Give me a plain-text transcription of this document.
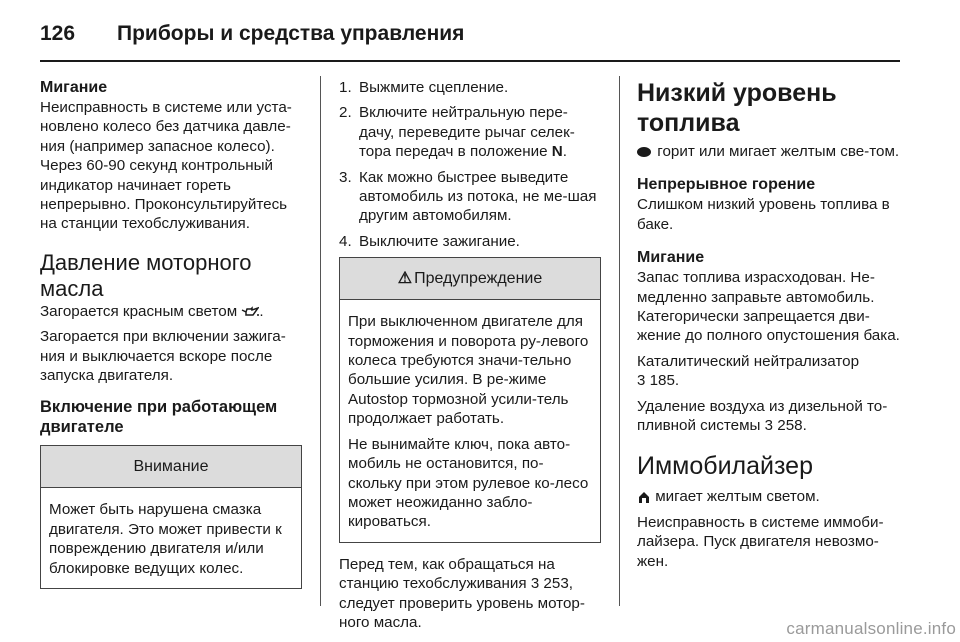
126	Приборы и средства управления
Мигание

Неисправность в системе или уста-новлено колесо без датчика давле-ния (например запасное колесо). Через 60-90 секунд контрольный индикатор начинает гореть непрерывно. Проконсультируйтесь на станции техобслуживания.

Давление моторного
масла

Загорается красным светом .

Загорается при включении зажига-ния и выключается вскоре после запуска двигателя.

Включение при работающем двигателе
Внимание

Может быть нарушена смазка двигателя. Это может привести к повреждению двигателя и/или блокировке ведущих колес.

1. Выжмите сцепление.
2. Включите нейтральную пере-дачу, переведите рычаг селек-тора передач в положение N.
3. Как можно быстрее выведите автомобиль из потока, не ме-шая другим автомобилям.
4. Выключите зажигание.
⚠ Предупреждение

При выключенном двигателе для торможения и поворота ру-левого колеса требуются значи-тельно большие усилия. В ре-жиме Autostop тормозной усили-тель продолжает работать.

Не вынимайте ключ, пока авто-мобиль не остановится, по-скольку при этом рулевое ко-лесо может неожиданно забло-кироваться.

Перед тем, как обращаться на станцию техобслуживания 3 253, следует проверить уровень мотор-ного масла.

Низкий уровень топлива

горит или мигает желтым све-том.

Непрерывное горение

Слишком низкий уровень топлива в баке.

Мигание

Запас топлива израсходован. Не-медленно заправьте автомобиль. Категорически запрещается дви-жение до полного опустошения бака.

Каталитический нейтрализатор
3 185.

Удаление воздуха из дизельной то-пливной системы 3 258.

Иммобилайзер

мигает желтым светом.

Неисправность в системе иммоби-лайзера. Пуск двигателя невозмо-жен.

carmanualsonline.info
